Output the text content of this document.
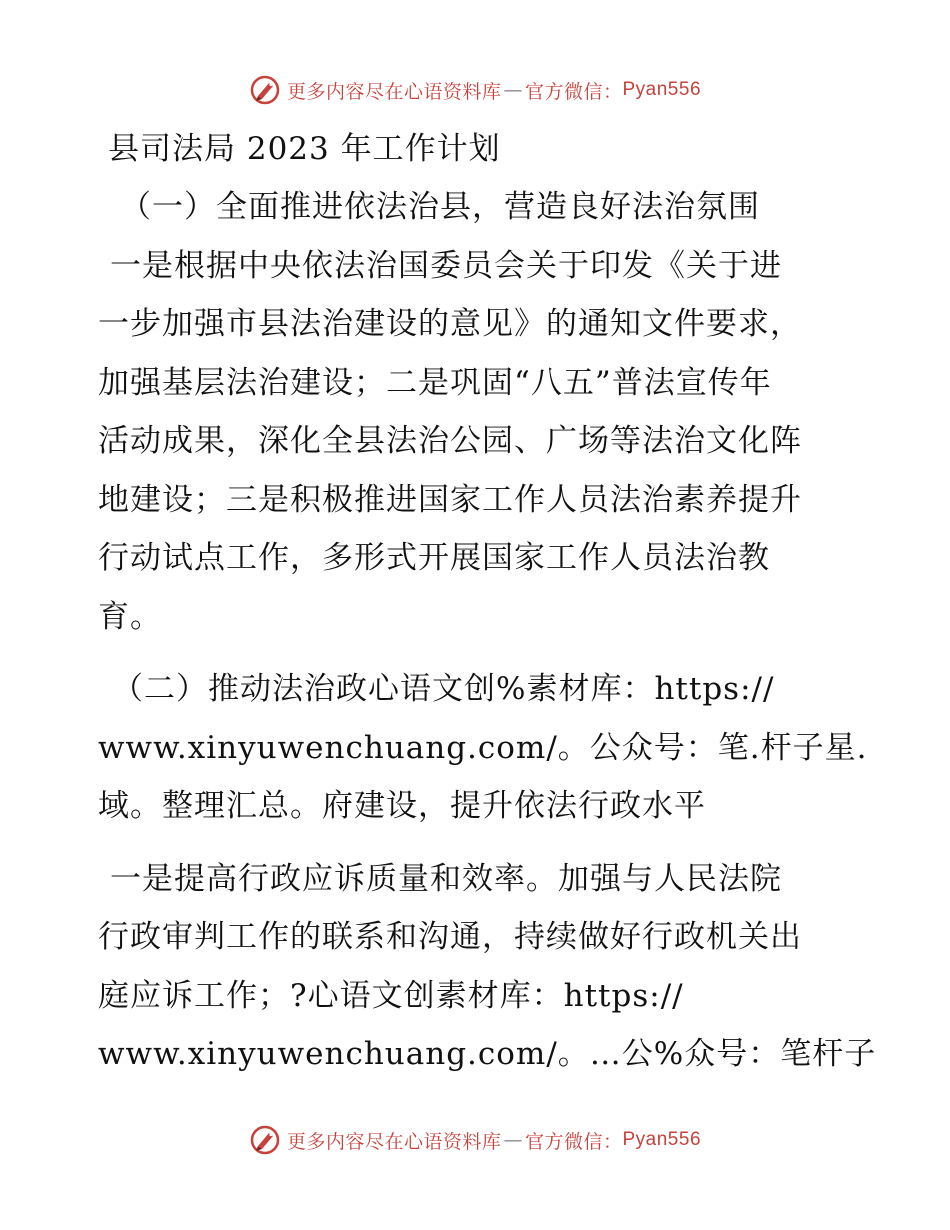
更多内容尽在心语资料库 — 官方微信： Pyan556
县司法局 2023 年工作计划
（一）全面推进依法治县，营造良好法治氛围
一是根据中央依法治国委员会关于印发《关于进
一步加强市县法治建设的意见》的通知文件要求，
加强基层法治建设；二是巩固“八五”普法宣传年
活动成果，深化全县法治公园、广场等法治文化阵
地建设；三是积极推进国家工作人员法治素养提升
行动试点工作，多形式开展国家工作人员法治教
育。
（二）推动法治政心语文创%素材库：https://
www.xinyuwenchuang.com/。公众号：笔.杆子星.
域。整理汇总。府建设，提升依法行政水平
一是提高行政应诉质量和效率。加强与人民法院
行政审判工作的联系和沟通，持续做好行政机关出
庭应诉工作；?心语文创素材库：https://
www.xinyuwenchuang.com/。…公%众号：笔杆子
更多内容尽在心语资料库 — 官方微信： Pyan556
